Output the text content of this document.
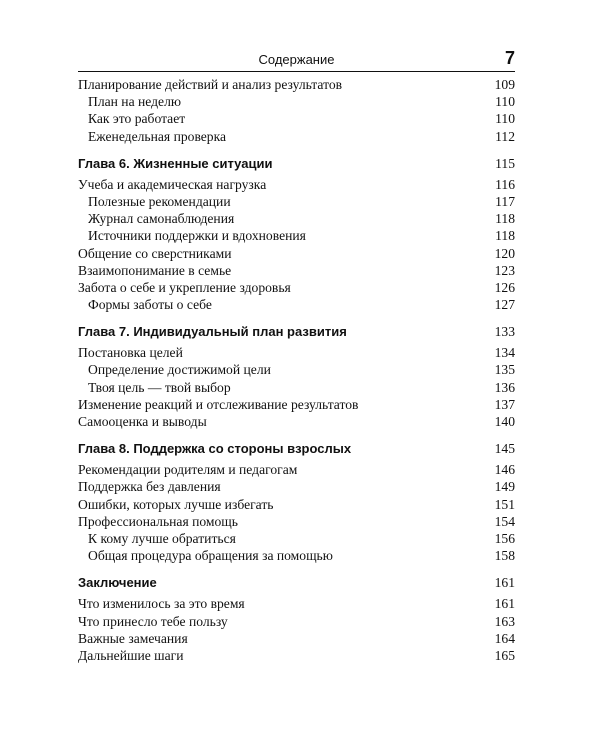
Содержание	7
Планирование действий и анализ результатов	109
План на неделю	110
Как это работает	110
Еженедельная проверка	112
Глава 6. Жизненные ситуации	115
Учеба и академическая нагрузка	116
Полезные рекомендации	117
Журнал самонаблюдения	118
Источники поддержки и вдохновения	118
Общение со сверстниками	120
Взаимопонимание в семье	123
Забота о себе и укрепление здоровья	126
Формы заботы о себе	127
Глава 7. Индивидуальный план развития	133
Постановка целей	134
Определение достижимой цели	135
Твоя цель — твой выбор	136
Изменение реакций и отслеживание результатов	137
Самооценка и выводы	140
Глава 8. Поддержка со стороны взрослых	145
Рекомендации родителям и педагогам	146
Поддержка без давления	149
Ошибки, которых лучше избегать	151
Профессиональная помощь	154
К кому лучше обратиться	156
Общая процедура обращения за помощью	158
Заключение	161
Что изменилось за это время	161
Что принесло тебе пользу	163
Важные замечания	164
Дальнейшие шаги	165
